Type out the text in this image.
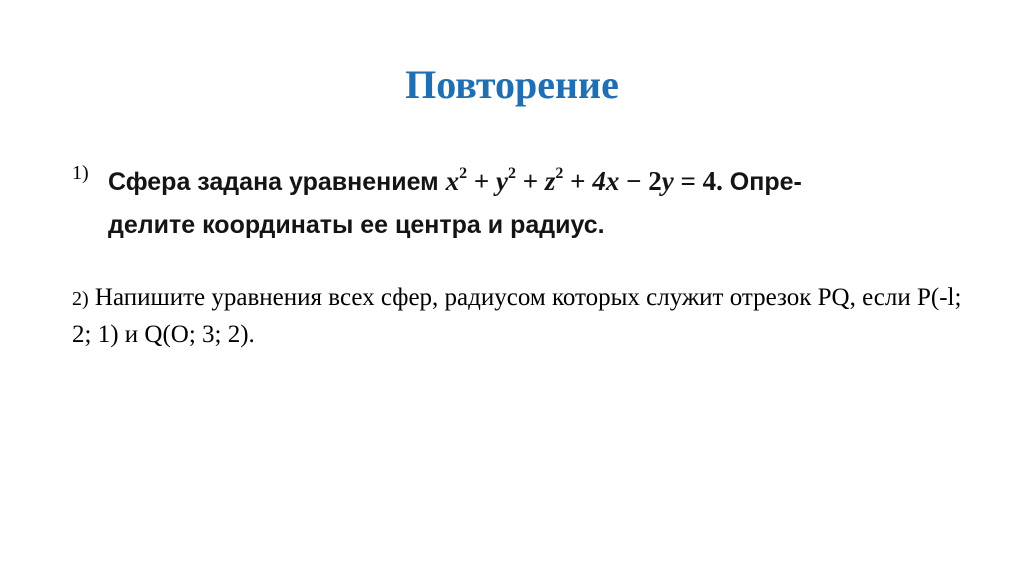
Повторение
1) Сфера задана уравнением $x^2 + y^2 + z^2 + 4x - 2y = 4$. Опре-
делите координаты ее центра и радиус.
2) Напишите уравнения всех сфер, радиусом которых служит отрезок PQ, если P(-l; 2; 1) и Q(O; 3; 2).
